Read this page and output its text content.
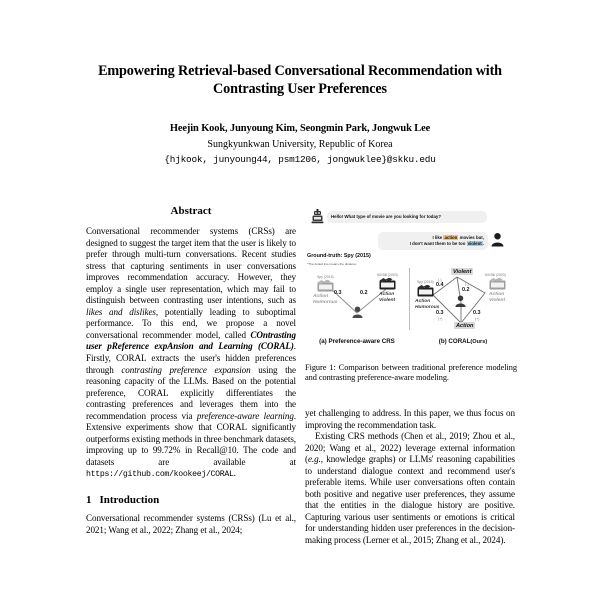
Empowering Retrieval-based Conversational Recommendation with Contrasting User Preferences
Heejin Kook, Junyoung Kim, Seongmin Park, Jongwuk Lee
Sungkyunkwan University, Republic of Korea
{hjkook, junyoung44, psm1206, jongwuklee}@skku.edu
Abstract

Conversational recommender systems (CRSs) are designed to suggest the target item that the user is likely to prefer through multi-turn conversations. Recent studies stress that capturing sentiments in user conversations improves recommendation accuracy. However, they employ a single user representation, which may fail to distinguish between contrasting user intentions, such as likes and dislikes, potentially leading to suboptimal performance. To this end, we propose a novel conversational recommender model, called COntrasting user pReference expAnsion and Learning (CORAL). Firstly, CORAL extracts the user's hidden preferences through contrasting preference expansion using the reasoning capacity of the LLMs. Based on the potential preference, CORAL explicitly differentiates the contrasting preferences and leverages them into the recommendation process via preference-aware learning. Extensive experiments show that CORAL significantly outperforms existing methods in three benchmark datasets, improving up to 99.72% in Recall@10. The code and datasets are available at https://github.com/kookeej/CORAL.

1 Introduction

Conversational recommender systems (CRSs) (Lu et al., 2021; Wang et al., 2022; Zhang et al., 2024;

Hello! What type of movie are you looking for today?
I like action movies but,
I don't want them to be too violent.
Ground-truth: Spy (2015)
*The dotted line means the distance
Spy (2015)
Action
Humorous
Kill Bill (2003)
Action
Violent
0.3	0.2
(a) Preference-aware CRS
Violent
Action
Spy (2015)
Action
Humorous
Kill Bill (2003)
Action
Violent
(-)
0.4	(-)
0.2
0.3
(+)
0.3
(+)
(b) CORAL(Ours)
Figure 1: Comparison between traditional preference modeling and contrasting preference-aware modeling.

yet challenging to address. In this paper, we thus focus on improving the recommendation task.

Existing CRS methods (Chen et al., 2019; Zhou et al., 2020; Wang et al., 2022) leverage external information (e.g., knowledge graphs) or LLMs' reasoning capabilities to understand dialogue context and recommend user's preferable items. While user conversations often contain both positive and negative user preferences, they assume that the entities in the dialogue history are positive. Capturing various user sentiments or emotions is critical for understanding hidden user preferences in the decision-making process (Lerner et al., 2015; Zhang et al., 2024).
